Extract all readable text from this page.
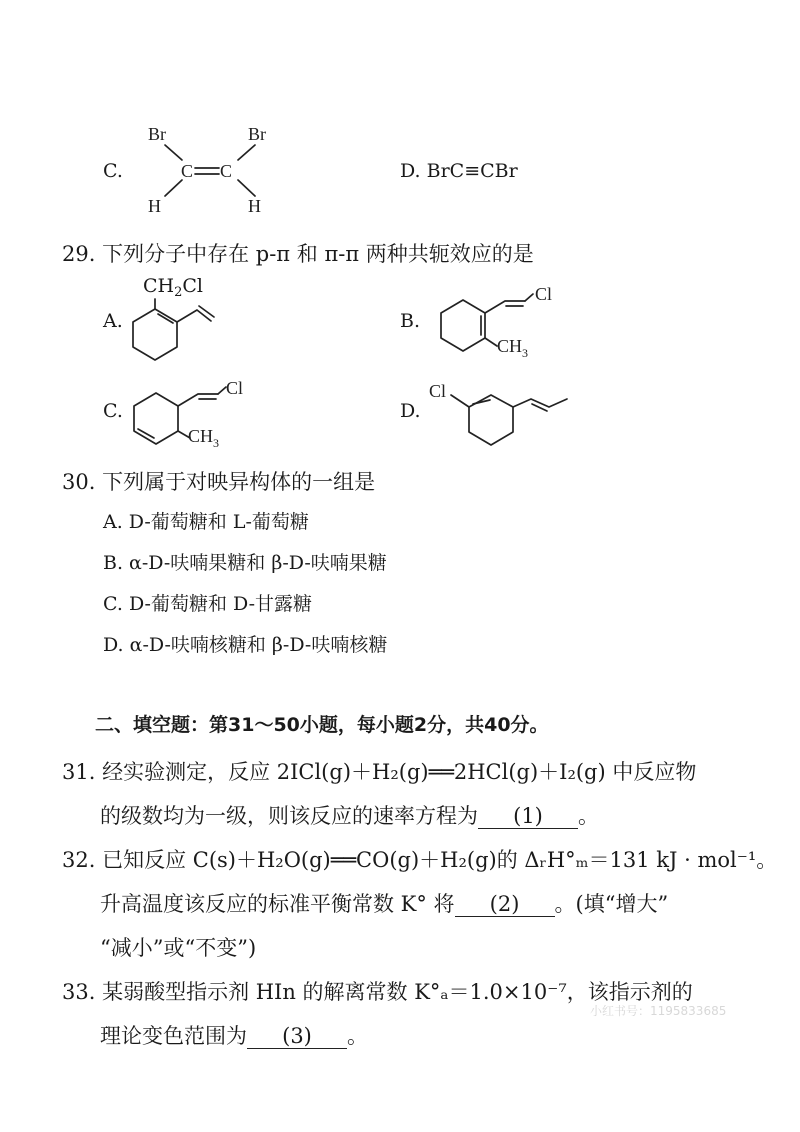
C.
Br	Br
C C
H	H
D. BrC≡CBr
29. 下列分子中存在 p-π 和 π-π 两种共轭效应的是
A.
$CH_2Cl$
B.
Cl
$CH_3$
C.
Cl
$CH_3$
D.
Cl
30. 下列属于对映异构体的一组是
A. D-葡萄糖和 L-葡萄糖
B. α-D-呋喃果糖和 β-D-呋喃果糖
C. D-葡萄糖和 D-甘露糖
D. α-D-呋喃核糖和 β-D-呋喃核糖
二、填空题：第31～50小题，每小题2分，共40分。
31. 经实验测定，反应 2ICl(g)＋H₂(g)══2HCl(g)＋I₂(g) 中反应物
的级数均为一级，则该反应的速率方程为 (1) 。
32. 已知反应 C(s)＋H₂O(g)══CO(g)＋H₂(g)的 ΔᵣH°ₘ＝131 kJ · mol⁻¹。
升高温度该反应的标准平衡常数 K° 将 (2) 。(填“增大”
“减小”或“不变”)
33. 某弱酸型指示剂 HIn 的解离常数 K°ₐ＝1.0×10⁻⁷，该指示剂的
理论变色范围为 (3) 。
小红书号：1195833685
